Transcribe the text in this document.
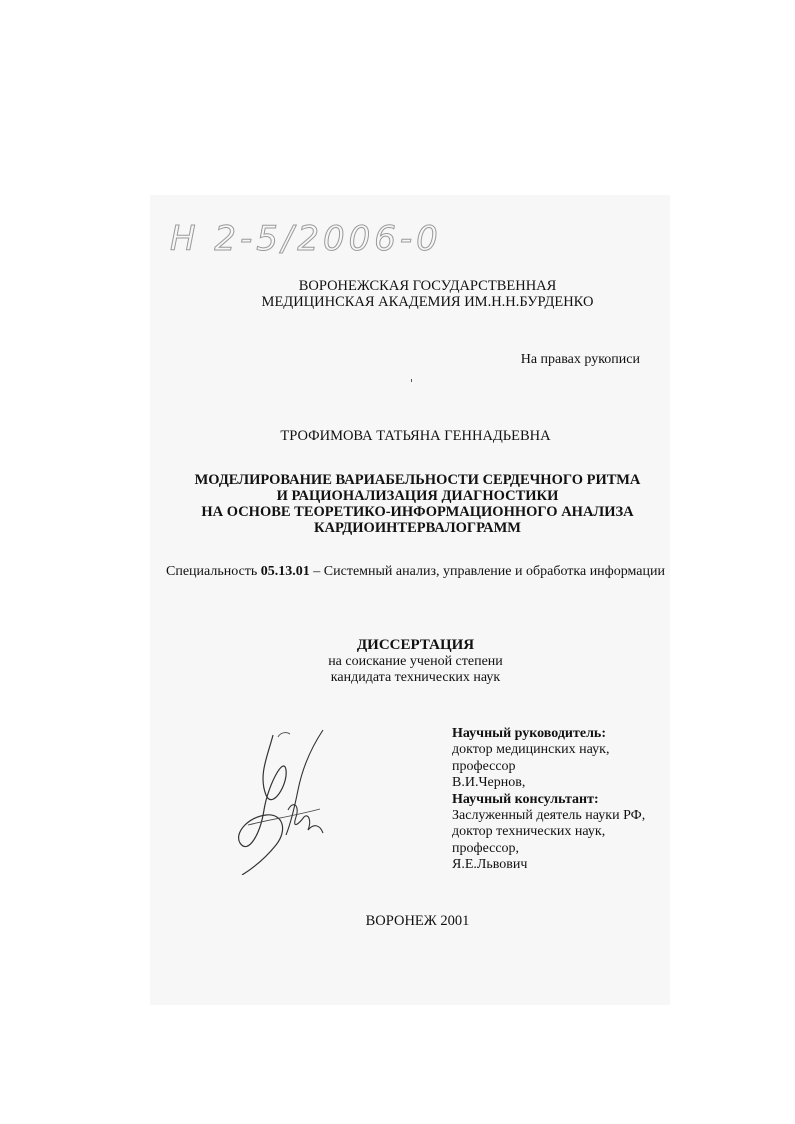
Н 2-5/2006-0
ВОРОНЕЖСКАЯ ГОСУДАРСТВЕННАЯ
МЕДИЦИНСКАЯ АКАДЕМИЯ ИМ.Н.Н.БУРДЕНКО
На правах рукописи
ТРОФИМОВА ТАТЬЯНА ГЕННАДЬЕВНА
МОДЕЛИРОВАНИЕ ВАРИАБЕЛЬНОСТИ СЕРДЕЧНОГО РИТМА
И РАЦИОНАЛИЗАЦИЯ ДИАГНОСТИКИ
НА ОСНОВЕ ТЕОРЕТИКО-ИНФОРМАЦИОННОГО АНАЛИЗА
КАРДИОИНТЕРВАЛОГРАММ
Специальность 05.13.01 – Системный анализ, управление и обработка информации
ДИССЕРТАЦИЯ
на соискание ученой степени
кандидата технических наук
Научный руководитель:
доктор медицинских наук,
профессор
В.И.Чернов,
Научный консультант:
Заслуженный деятель науки РФ,
доктор технических наук,
профессор,
Я.Е.Львович
ВОРОНЕЖ 2001
